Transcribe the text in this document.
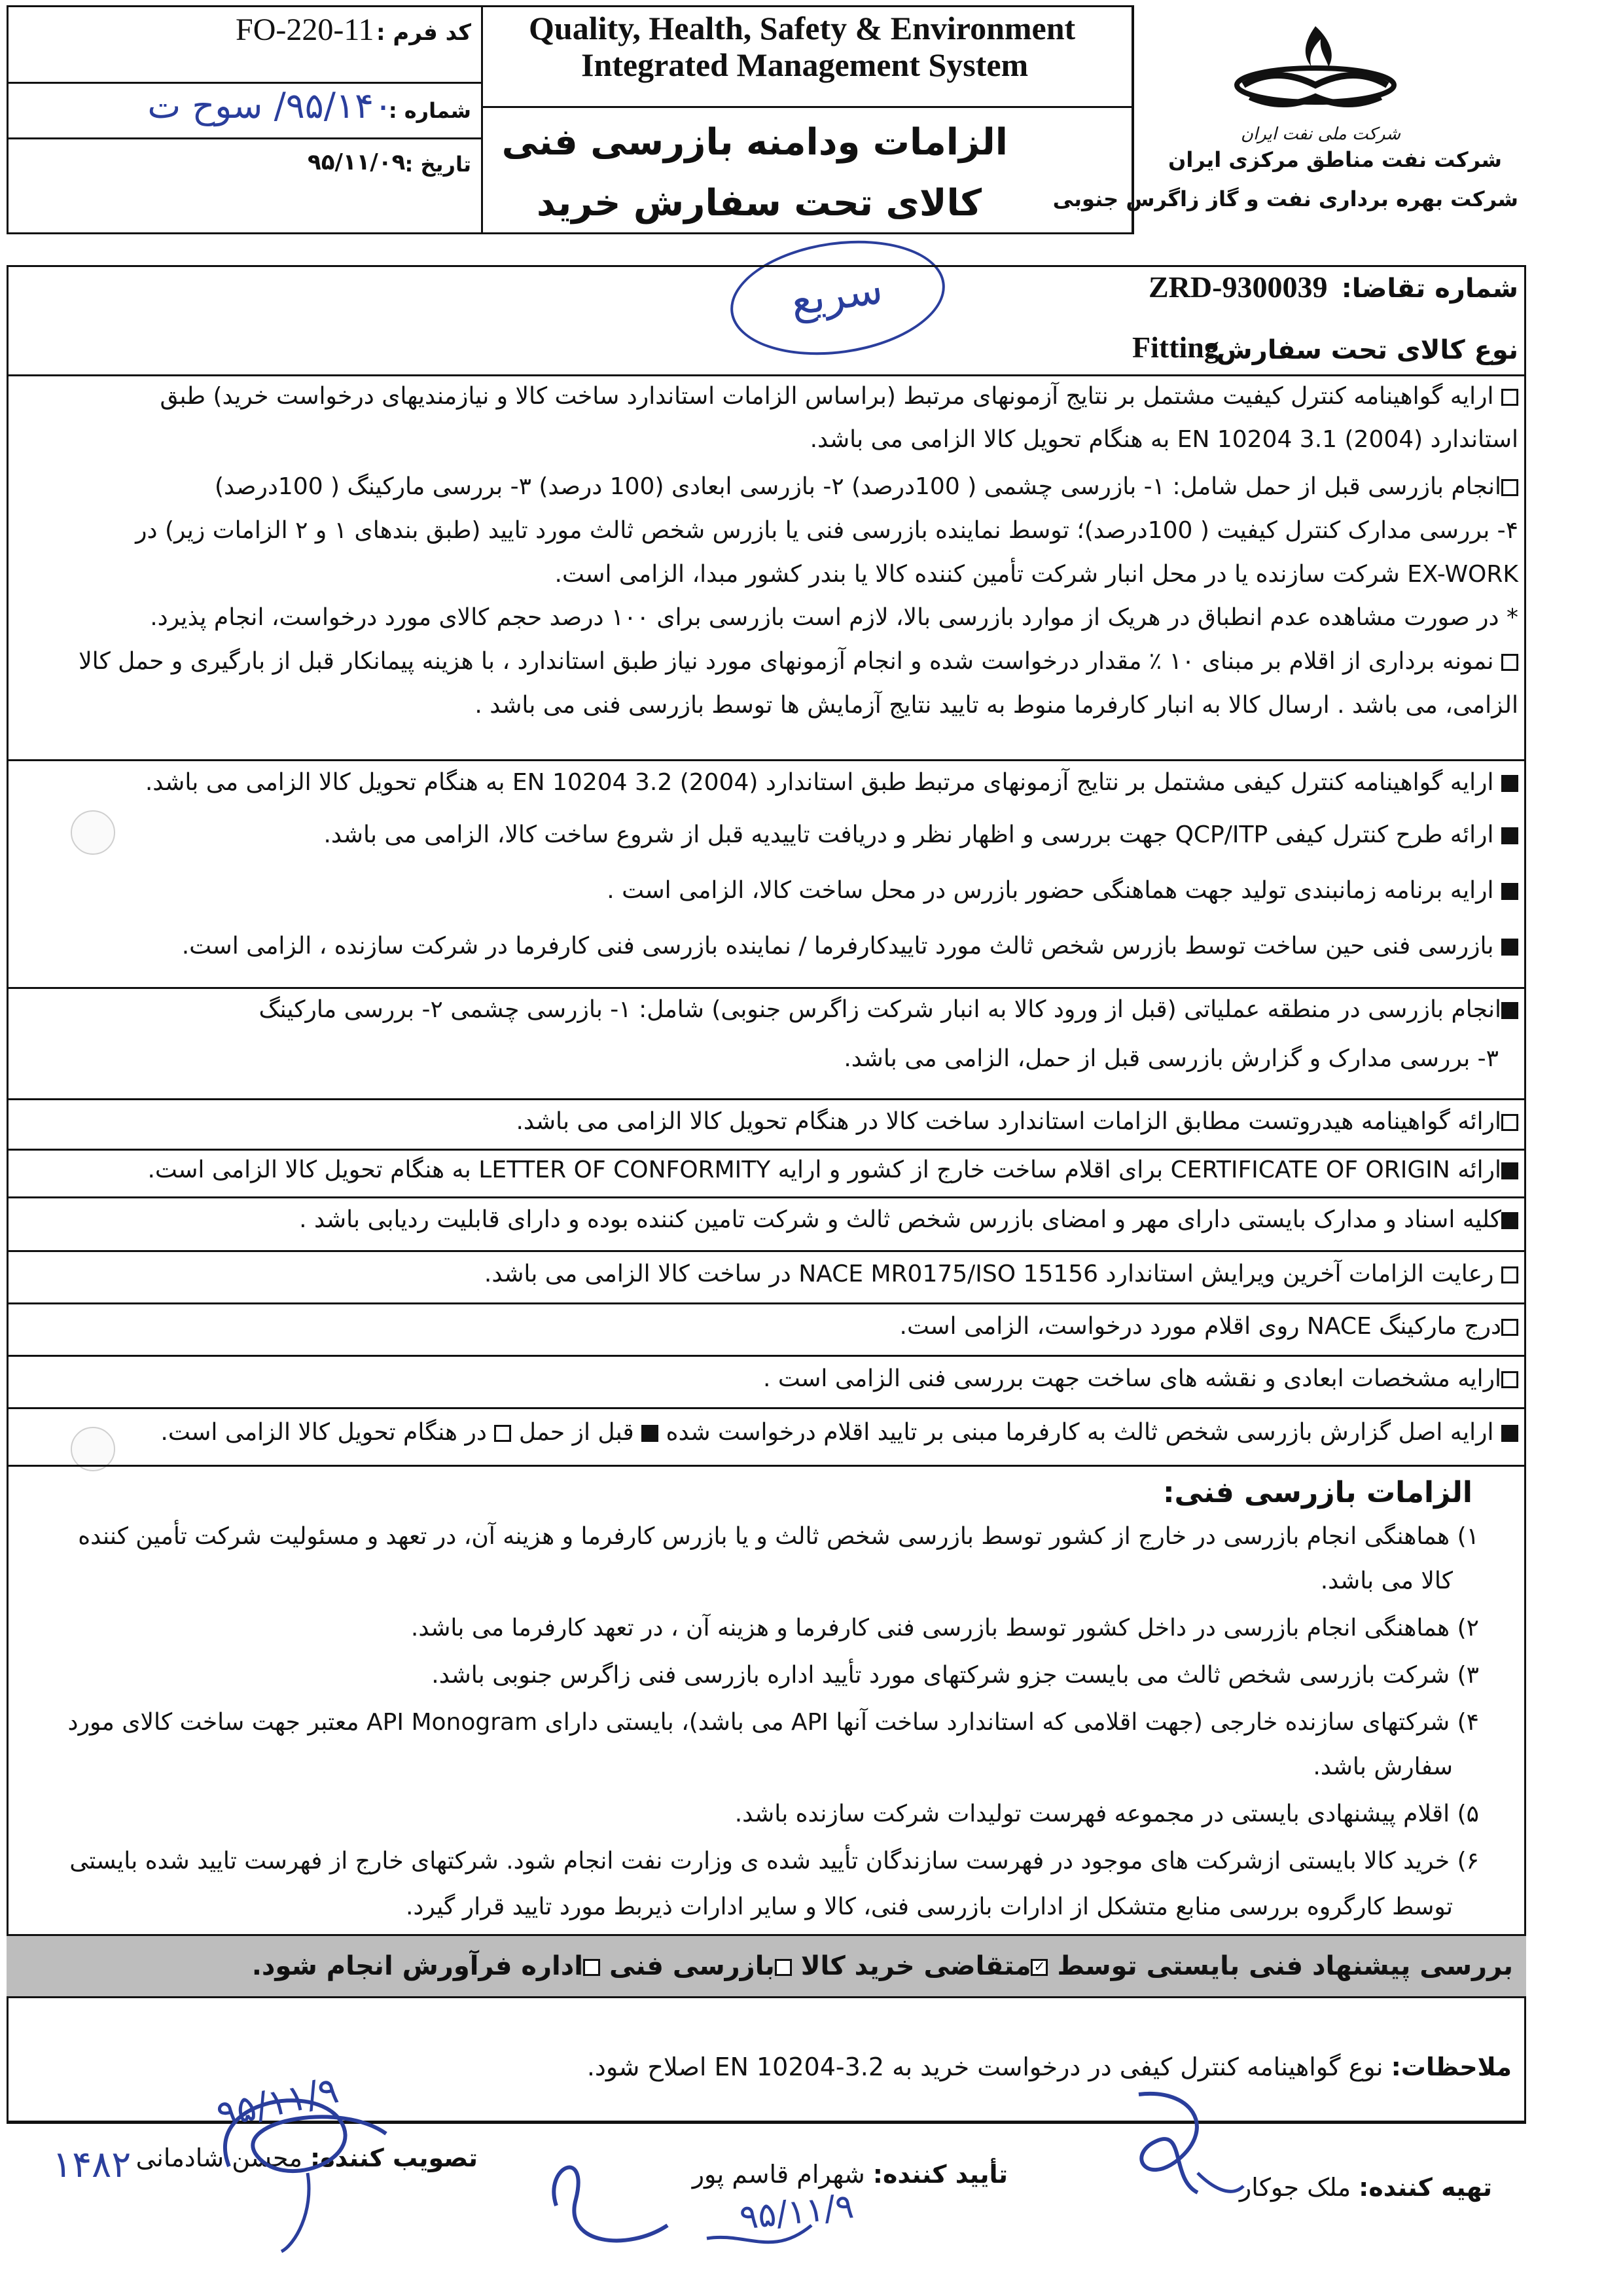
کد فرم :
FO-220-11
شماره :
۹۵/۱۴۰/ سوح ت
تاریخ :
۹۵/۱۱/۰۹
Quality, Health, Safety & Environment
Integrated Management System
الزامات ودامنه بازرسی فنی
کالای تحت سفارش خرید
شرکت ملی نفت ایران
شرکت نفت مناطق مرکزی ایران
شرکت بهره برداری نفت و گاز زاگرس جنوبی
سریع	شماره تقاضا:
ZRD-9300039
نوع کالای تحت سفارش:
Fitting
ارایه گواهینامه کنترل کیفیت مشتمل بر نتایج آزمونهای مرتبط (براساس الزامات استاندارد ساخت کالا و نیازمندیهای درخواست خرید) طبق
استاندارد (2004) EN 10204 3.1 به هنگام تحویل کالا الزامی می باشد.
انجام بازرسی قبل از حمل شامل: ۱- بازرسی چشمی ( 100درصد) ۲- بازرسی ابعادی (100 درصد) ۳- بررسی مارکینگ ( 100درصد)
۴- بررسی مدارک کنترل کیفیت ( 100درصد)؛ توسط نماینده بازرسی فنی یا بازرس شخص ثالث مورد تایید (طبق بندهای ۱ و ۲ الزامات زیر) در
EX-WORK شرکت سازنده یا در محل انبار شرکت تأمین کننده کالا یا بندر کشور مبدا، الزامی است.
* در صورت مشاهده عدم انطباق در هریک از موارد بازرسی بالا، لازم است بازرسی برای ۱۰۰ درصد حجم کالای مورد درخواست، انجام پذیرد.
نمونه برداری از اقلام بر مبنای ۱۰ ٪ مقدار درخواست شده و انجام آزمونهای مورد نیاز طبق استاندارد ، با هزینه پیمانکار قبل از بارگیری و حمل کالا
الزامی، می باشد . ارسال کالا به انبار کارفرما منوط به تایید نتایج آزمایش ها توسط بازرسی فنی می باشد .
ارایه گواهینامه کنترل کیفی مشتمل بر نتایج آزمونهای مرتبط طبق استاندارد (2004) EN 10204 3.2 به هنگام تحویل کالا الزامی می باشد.
ارائه طرح کنترل کیفی QCP/ITP جهت بررسی و اظهار نظر و دریافت تاییدیه قبل از شروع ساخت کالا، الزامی می باشد.
ارایه برنامه زمانبندی تولید جهت هماهنگی حضور بازرس در محل ساخت کالا، الزامی است .
بازرسی فنی حین ساخت توسط بازرس شخص ثالث مورد تاییدکارفرما / نماینده بازرسی فنی کارفرما در شرکت سازنده ، الزامی است.
انجام بازرسی در منطقه عملیاتی (قبل از ورود کالا به انبار شرکت زاگرس جنوبی) شامل: ۱- بازرسی چشمی ۲- بررسی مارکینگ
۳- بررسی مدارک و گزارش بازرسی قبل از حمل، الزامی می باشد.
ارائه گواهینامه هیدروتست مطابق الزامات استاندارد ساخت کالا در هنگام تحویل کالا الزامی می باشد.
ارائه CERTIFICATE OF ORIGIN برای اقلام ساخت خارج از کشور و ارایه LETTER OF CONFORMITY به هنگام تحویل کالا الزامی است.
کلیه اسناد و مدارک بایستی دارای مهر و امضای بازرس شخص ثالث و شرکت تامین کننده بوده و دارای قابلیت ردیابی باشد .
رعایت الزامات آخرین ویرایش استاندارد NACE MR0175/ISO 15156 در ساخت کالا الزامی می باشد.
درج مارکینگ NACE روی اقلام مورد درخواست، الزامی است.
ارایه مشخصات ابعادی و نقشه های ساخت جهت بررسی فنی الزامی است .
ارایه اصل گزارش بازرسی شخص ثالث به کارفرما مبنی بر تایید اقلام درخواست شده  قبل از حمل  در هنگام تحویل کالا الزامی است.
الزامات بازرسی فنی:
۱) هماهنگی انجام بازرسی در خارج از کشور توسط بازرسی شخص ثالث و یا بازرس کارفرما و هزینه آن، در تعهد و مسئولیت شرکت تأمین کننده
کالا می باشد.
۲) هماهنگی انجام بازرسی در داخل کشور توسط بازرسی فنی کارفرما و هزینه آن ، در تعهد کارفرما می باشد.
۳) شرکت بازرسی شخص ثالث می بایست جزو شرکتهای مورد تأیید اداره بازرسی فنی زاگرس جنوبی باشد.
۴) شرکتهای سازنده خارجی (جهت اقلامی که استاندارد ساخت آنها API می باشد)، بایستی دارای API Monogram معتبر جهت ساخت کالای مورد
سفارش باشد.
۵) اقلام پیشنهادی بایستی در مجموعه فهرست تولیدات شرکت سازنده باشد.
۶) خرید کالا بایستی ازشرکت های موجود در فهرست سازندگان تأیید شده ی وزارت نفت انجام شود. شرکتهای خارج از فهرست تایید شده بایستی
توسط کارگروه بررسی منابع متشکل از ادارات بازرسی فنی، کالا و سایر ادارات ذیربط مورد تایید قرار گیرد.
بررسی پیشنهاد فنی بایستی توسط ✓متقاضی خرید کالا بازرسی فنی اداره فرآورش انجام شود.
ملاحظات: نوع گواهینامه کنترل کیفی در درخواست خرید به EN 10204-3.2 اصلاح شود.
تهیه کننده: ملک جوکار
تأیید کننده: شهرام قاسم پور
تصویب کننده: محسن شادمانی
۹۵/۱۱/۹
۹۵/۱۱/۹
۱۴۸۲
